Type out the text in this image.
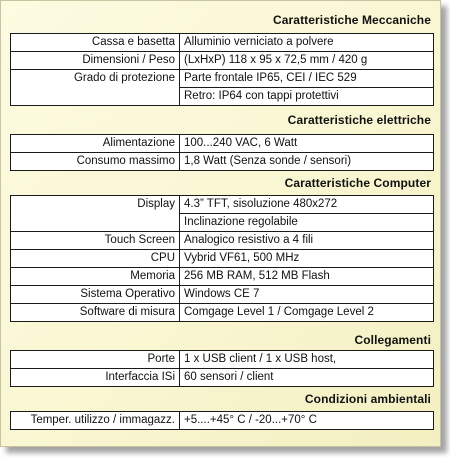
Caratteristiche Meccaniche
Cassa e basetta	Alluminio verniciato a polvere
Dimensioni / Peso	(LxHxP) 118 x 95 x 72,5 mm / 420 g
Grado di protezione	Parte frontale IP65, CEI / IEC 529
	Retro: IP64 con tappi protettivi
Caratteristiche elettriche
Alimentazione	100...240 VAC, 6 Watt
Consumo massimo	1,8 Watt (Senza sonde / sensori)
Caratteristiche Computer
Display	4.3” TFT, sisoluzione 480x272
	Inclinazione regolabile
Touch Screen	Analogico resistivo a 4 fili
CPU	Vybrid VF61, 500 MHz
Memoria	256 MB RAM, 512 MB Flash
Sistema Operativo	Windows CE 7
Software di misura	Comgage Level 1 / Comgage Level 2
Collegamenti
Porte	1 x USB client / 1 x USB host,
Interfaccia ISi	60 sensori / client
Condizioni ambientali
Temper. utilizzo / immagazz.	+5....+45° C / -20...+70° C
